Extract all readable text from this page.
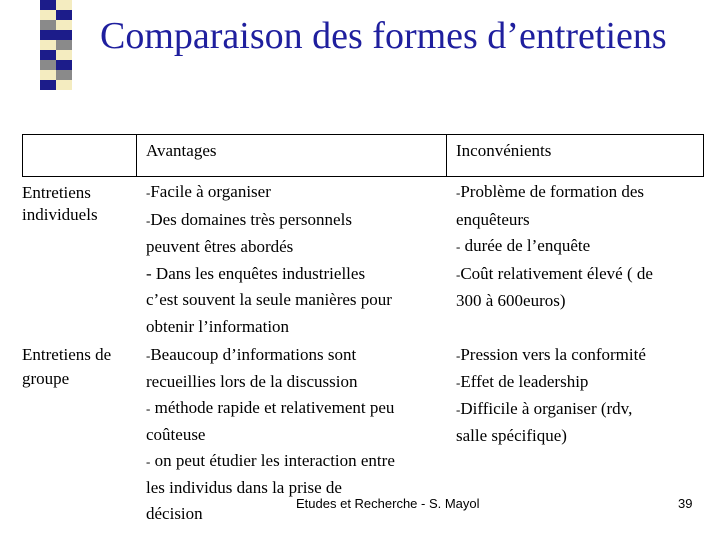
Comparaison des formes d’entretiens
Avantages	Inconvénients
Entretiens
individuels
-Facile à organiser
-Des domaines très personnels
peuvent êtres abordés
- Dans les enquêtes industrielles
c’est souvent la seule manières pour
obtenir l’information
-Problème de formation des
enquêteurs
- durée de l’enquête
-Coût relativement élevé ( de
300 à 600euros)
Entretiens de
groupe
-Beaucoup d’informations sont
recueillies lors de la discussion
- méthode rapide et relativement peu
coûteuse
- on peut étudier les interaction entre
les individus dans la prise de
décision
-Pression vers la conformité
-Effet de leadership
-Difficile à organiser (rdv,
salle spécifique)
Etudes et Recherche - S. Mayol	39
